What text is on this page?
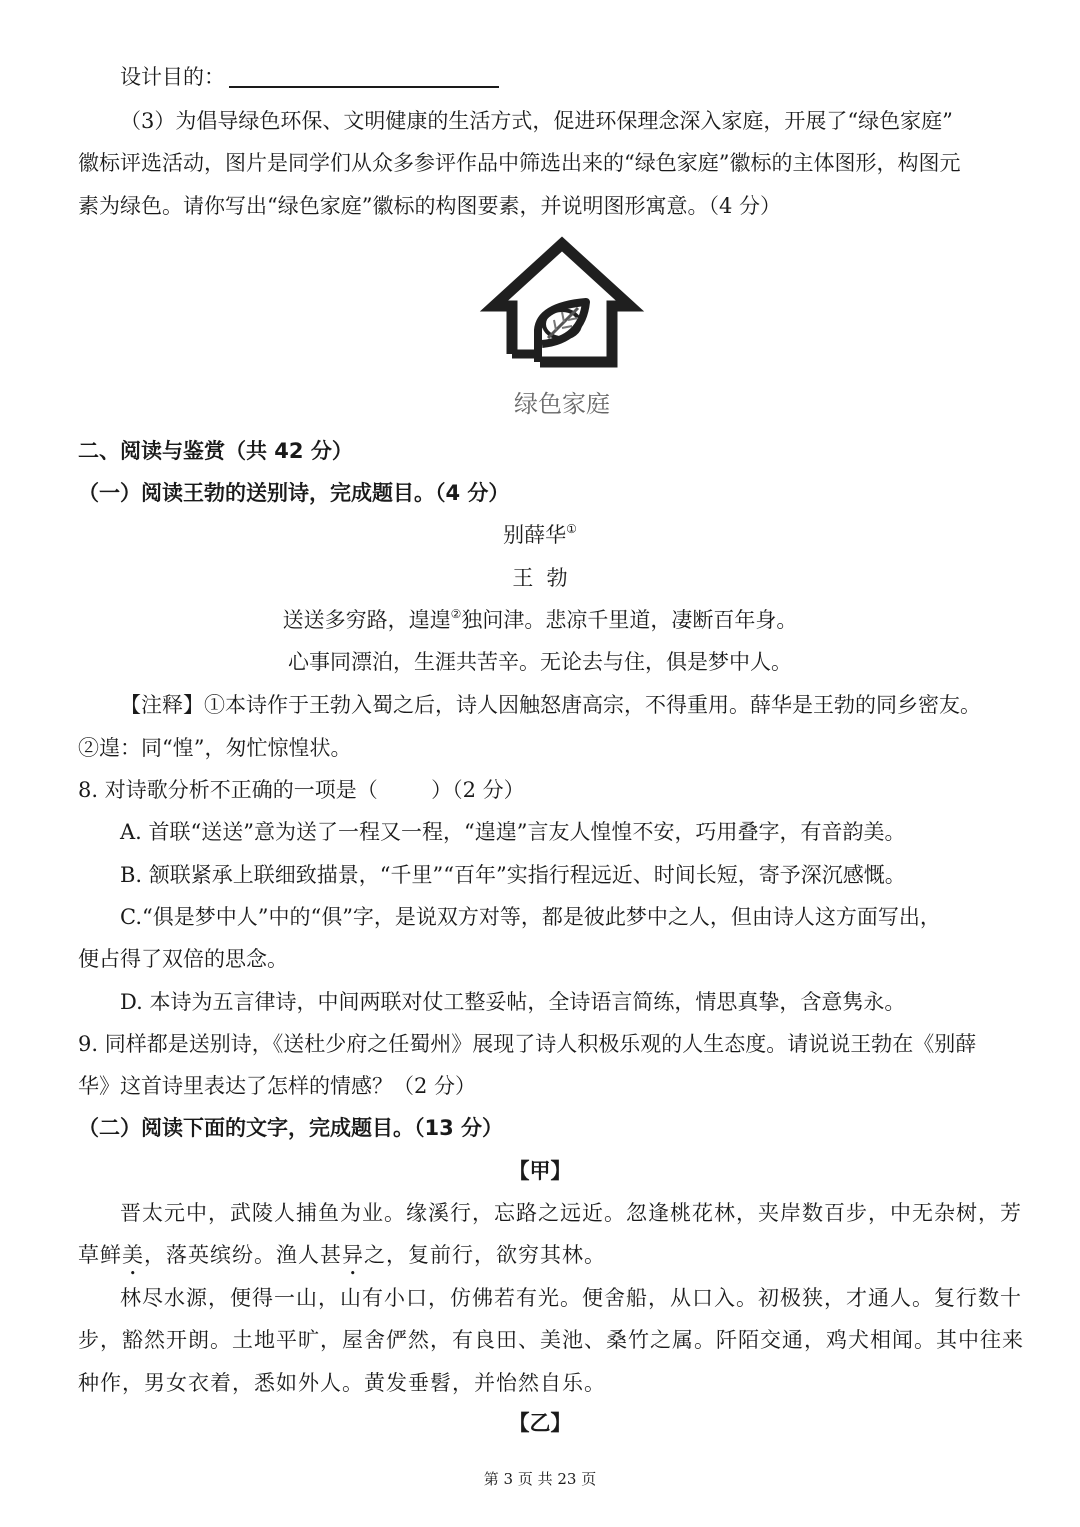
设计目的：
（3）为倡导绿色环保、文明健康的生活方式，促进环保理念深入家庭，开展了“绿色家庭”
徽标评选活动，图片是同学们从众多参评作品中筛选出来的“绿色家庭”徽标的主体图形，构图元
素为绿色。请你写出“绿色家庭”徽标的构图要素，并说明图形寓意。（4 分）
绿色家庭
二、阅读与鉴赏（共 42 分）
（一）阅读王勃的送别诗，完成题目。（4 分）
别薛华①
王  勃
送送多穷路，遑遑②独问津。悲凉千里道，凄断百年身。
心事同漂泊，生涯共苦辛。无论去与住，俱是梦中人。
【注释】①本诗作于王勃入蜀之后，诗人因触怒唐高宗，不得重用。薛华是王勃的同乡密友。
②遑：同“惶”，匆忙惊惶状。
8. 对诗歌分析不正确的一项是（        ）（2 分）
A. 首联“送送”意为送了一程又一程，“遑遑”言友人惶惶不安，巧用叠字，有音韵美。
B. 颔联紧承上联细致描景，“千里”“百年”实指行程远近、时间长短，寄予深沉感慨。
C.“俱是梦中人”中的“俱”字，是说双方对等，都是彼此梦中之人，但由诗人这方面写出，
便占得了双倍的思念。
D. 本诗为五言律诗，中间两联对仗工整妥帖，全诗语言简练，情思真挚，含意隽永。
9. 同样都是送别诗，《送杜少府之任蜀州》展现了诗人积极乐观的人生态度。请说说王勃在《别薛
华》这首诗里表达了怎样的情感？（2 分）
（二）阅读下面的文字，完成题目。（13 分）
【甲】
晋太元中，武陵人捕鱼为业。缘溪行，忘路之远近。忽逢桃花林，夹岸数百步，中无杂树，芳
草鲜美，落英缤纷。渔人甚异之，复前行，欲穷其林。
林尽水源，便得一山，山有小口，仿佛若有光。便舍船，从口入。初极狭，才通人。复行数十
步，豁然开朗。土地平旷，屋舍俨然，有良田、美池、桑竹之属。阡陌交通，鸡犬相闻。其中往来
种作，男女衣着，悉如外人。黄发垂髫，并怡然自乐。
【乙】
第 3 页 共 23 页
